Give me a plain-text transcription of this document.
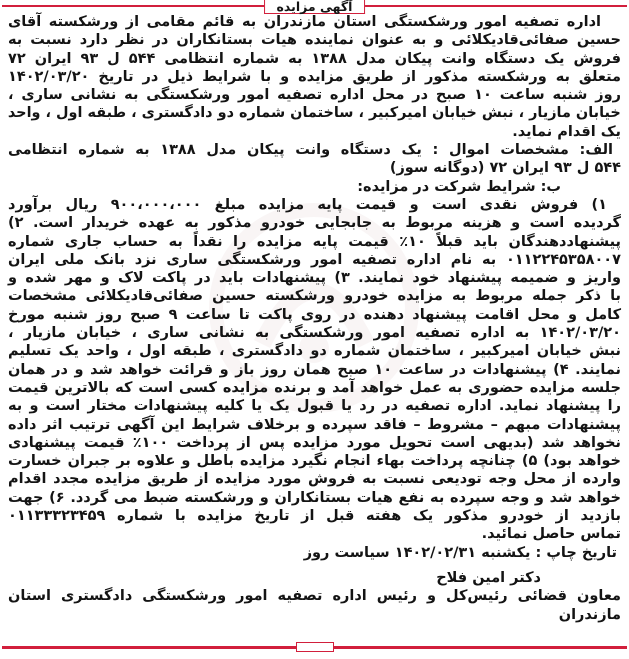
آگهی مزایده
اداره تصفیه امور ورشکستگی استان مازندران به قائم مقامی از ورشکسته آقای
حسین صفائی‌قادیکلائی و به عنوان نماینده هیات بستانکاران در نظر دارد نسبت به
فروش یک دستگاه وانت پیکان مدل ۱۳۸۸ به شماره انتظامی ۵۴۴ ل ۹۳ ایران ۷۲
متعلق به ورشکسته مذکور از طریق مزایده و با شرایط ذیل در تاریخ ۱۴۰۲/۰۳/۲۰
روز شنبه ساعت ۱۰ صبح در محل اداره تصفیه امور ورشکستگی به نشانی ساری ،
خیابان مازیار ، نبش خیابان امیرکبیر ، ساختمان شماره دو دادگستری ، طبقه اول ، واحد
یک اقدام نماید.
الف: مشخصات اموال : یک دستگاه وانت پیکان مدل ۱۳۸۸ به شماره انتظامی
۵۴۴ ل ۹۳ ایران ۷۲ (دوگانه سوز)
ب: شرایط شرکت در مزایده:
۱) فروش نقدی است و قیمت پایه مزایده مبلغ ۹۰۰،۰۰۰،۰۰۰ ریال برآورد
گردیده است و هزینه مربوط به جابجایی خودرو مذکور به عهده خریدار است. ۲)
پیشنهاددهندگان باید قبلاً ۱۰٪ قیمت پایه مزایده را نقداً به حساب جاری شماره
۰۱۱۲۲۴۵۳۵۸۰۰۷ به نام اداره تصفیه امور ورشکستگی ساری نزد بانک ملی ایران
واریز و ضمیمه پیشنهاد خود نمایند. ۳) پیشنهادات باید در پاکت لاک و مهر شده و
با ذکر جمله مربوط به مزایده خودرو ورشکسته حسین صفائی‌قادیکلائی مشخصات
کامل و محل اقامت پیشنهاد دهنده در روی پاکت تا ساعت ۹ صبح روز شنبه مورخ
۱۴۰۲/۰۳/۲۰ به اداره تصفیه امور ورشکستگی به نشانی ساری ، خیابان مازیار ،
نبش خیابان امیرکبیر ، ساختمان شماره دو دادگستری ، طبقه اول ، واحد یک تسلیم
نمایند. ۴) پیشنهادات در ساعت ۱۰ صبح همان روز باز و قرائت خواهد شد و در همان
جلسه مزایده حضوری به عمل خواهد آمد و برنده مزایده کسی است که بالاترین قیمت
را پیشنهاد نماید. اداره تصفیه در رد یا قبول یک یا کلیه پیشنهادات مختار است و به
پیشنهادات مبهم – مشروط – فاقد سپرده و برخلاف شرایط این آگهی ترتیب اثر داده
نخواهد شد (بدیهی است تحویل مورد مزایده پس از پرداخت ۱۰۰٪ قیمت پیشنهادی
خواهد بود) ۵) چنانچه پرداخت بهاء انجام نگیرد مزایده باطل و علاوه بر جبران خسارت
وارده از محل وجه تودیعی نسبت به فروش مورد مزایده از طریق مزایده مجدد اقدام
خواهد شد و وجه سپرده به نفع هیات بستانکاران و ورشکسته ضبط می گردد. ۶) جهت
بازدید از خودرو مذکور یک هفته قبل از تاریخ مزایده با شماره ۰۱۱۳۳۳۲۳۴۵۹
تماس حاصل نمائید.
تاریخ چاپ : یکشنبه ۱۴۰۲/۰۲/۳۱ سیاست روز
دکتر امین فلاح
معاون قضائی رئیس‌کل و رئیس اداره تصفیه امور ورشکستگی دادگستری استان
مازندران
